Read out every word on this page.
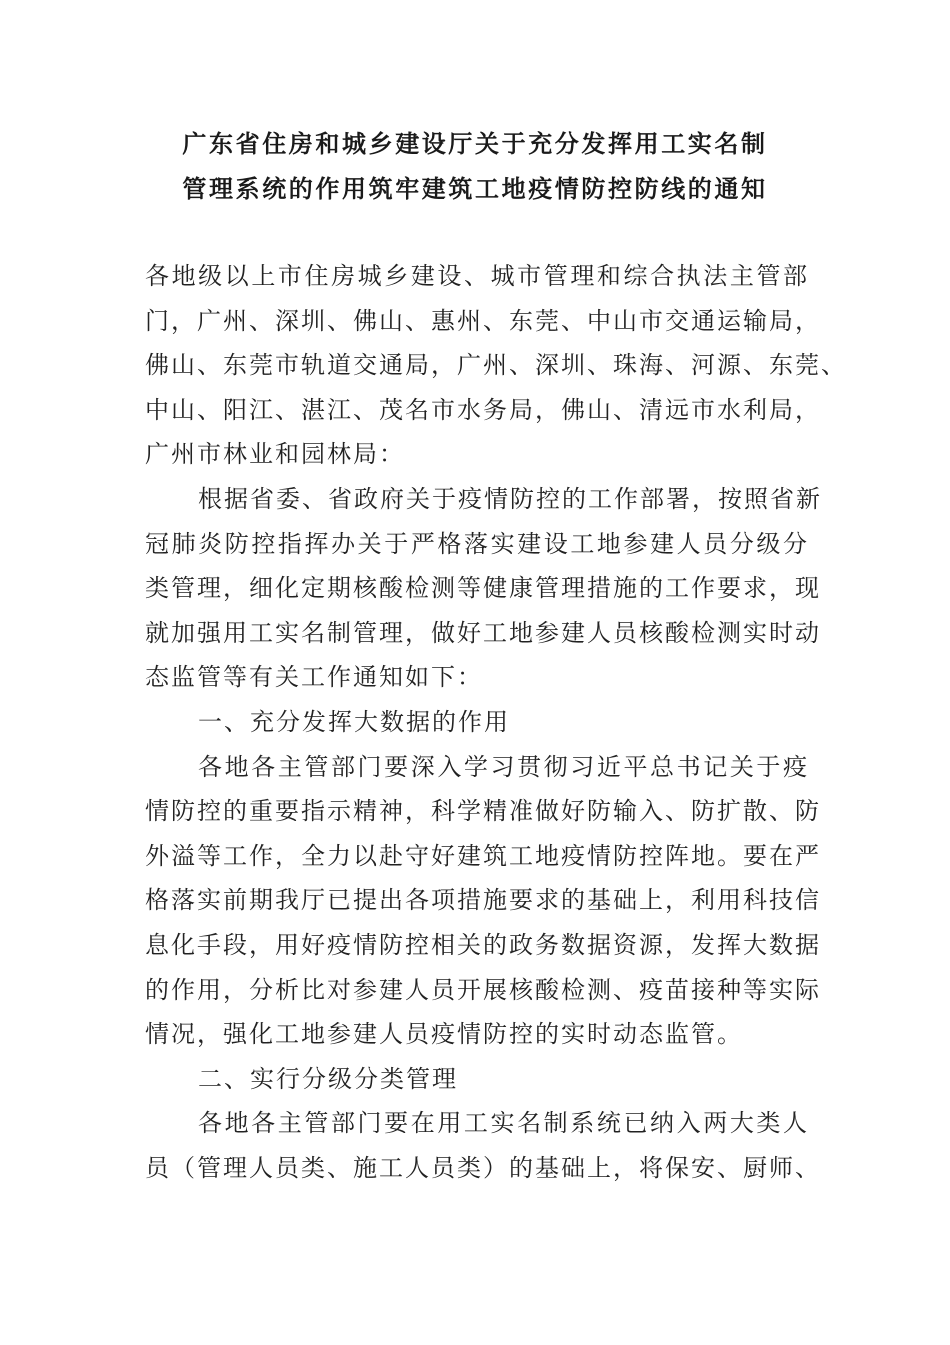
广东省住房和城乡建设厅关于充分发挥用工实名制
管理系统的作用筑牢建筑工地疫情防控防线的通知
各地级以上市住房城乡建设、城市管理和综合执法主管部
门，广州、深圳、佛山、惠州、东莞、中山市交通运输局，
佛山、东莞市轨道交通局，广州、深圳、珠海、河源、东莞、
中山、阳江、湛江、茂名市水务局，佛山、清远市水利局，
广州市林业和园林局：
根据省委、省政府关于疫情防控的工作部署，按照省新
冠肺炎防控指挥办关于严格落实建设工地参建人员分级分
类管理，细化定期核酸检测等健康管理措施的工作要求，现
就加强用工实名制管理，做好工地参建人员核酸检测实时动
态监管等有关工作通知如下：
一、充分发挥大数据的作用
各地各主管部门要深入学习贯彻习近平总书记关于疫
情防控的重要指示精神，科学精准做好防输入、防扩散、防
外溢等工作，全力以赴守好建筑工地疫情防控阵地。要在严
格落实前期我厅已提出各项措施要求的基础上，利用科技信
息化手段，用好疫情防控相关的政务数据资源，发挥大数据
的作用，分析比对参建人员开展核酸检测、疫苗接种等实际
情况，强化工地参建人员疫情防控的实时动态监管。
二、实行分级分类管理
各地各主管部门要在用工实名制系统已纳入两大类人
员（管理人员类、施工人员类）的基础上，将保安、厨师、
